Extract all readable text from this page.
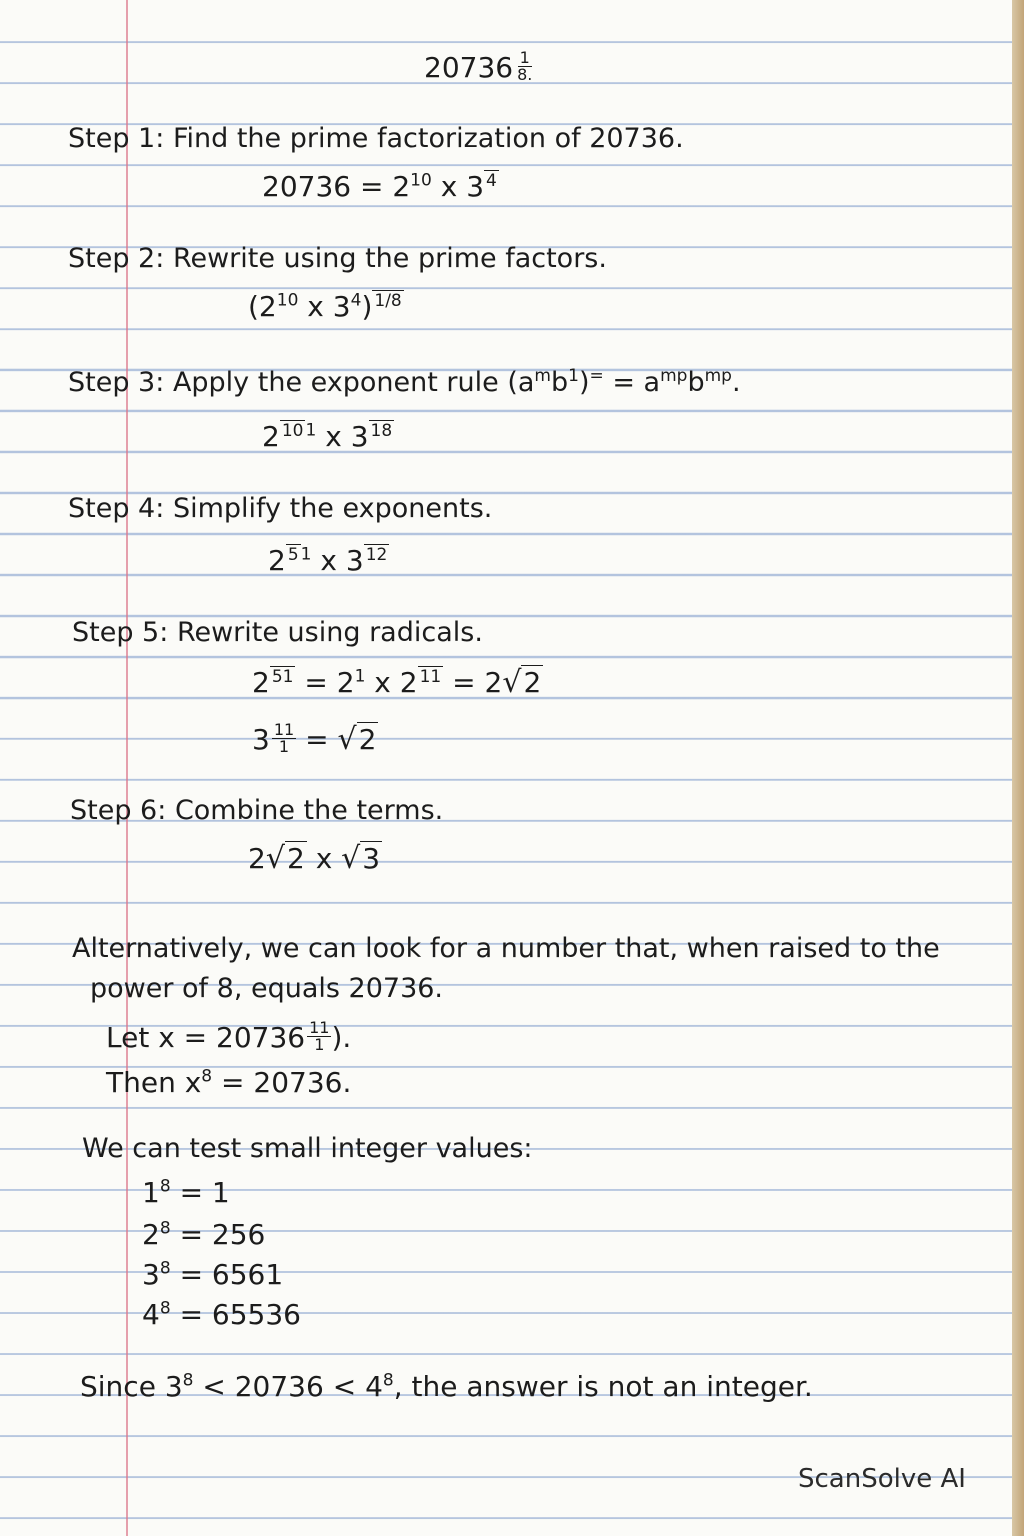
$20736 \frac{1}{8.}$
Step 1: Find the prime factorization of 20736.
$20736 = 2^{10}$ x 3 $^4$
Step 2: Rewrite using the prime factors.
($2^{10}$ x $3^4$) $^{1/8}$
Step 3: Apply the exponent rule $(a^mb^1)^= = a^{mp}b^{mp}$.
2 $^{10}$ $^1$ x 3 $^{18}$
Step 4: Simplify the exponents.
2 $^5$ $^1$ x 3 $^{12}$
Step 5: Rewrite using radicals.
2 $^{51} = 2^1$ x 2 $^{11}$ = 2√2
$3 \frac{11}{1} = √2$
Step 6: Combine the terms.
2√2 x √3
Alternatively, we can look for a number that, when raised to the
power of 8, equals 20736.
Let $x = 20736 \frac{11}{1}$ ).
Then $x^8 = 20736$.
We can test small integer values:
$1^8 = 1$
$2^8 = 256$
$3^8 = 6561$
$4^8 = 65536$
Since $3^8 < 20736 < 4^8$, the answer is not an integer.
ScanSolve AI
